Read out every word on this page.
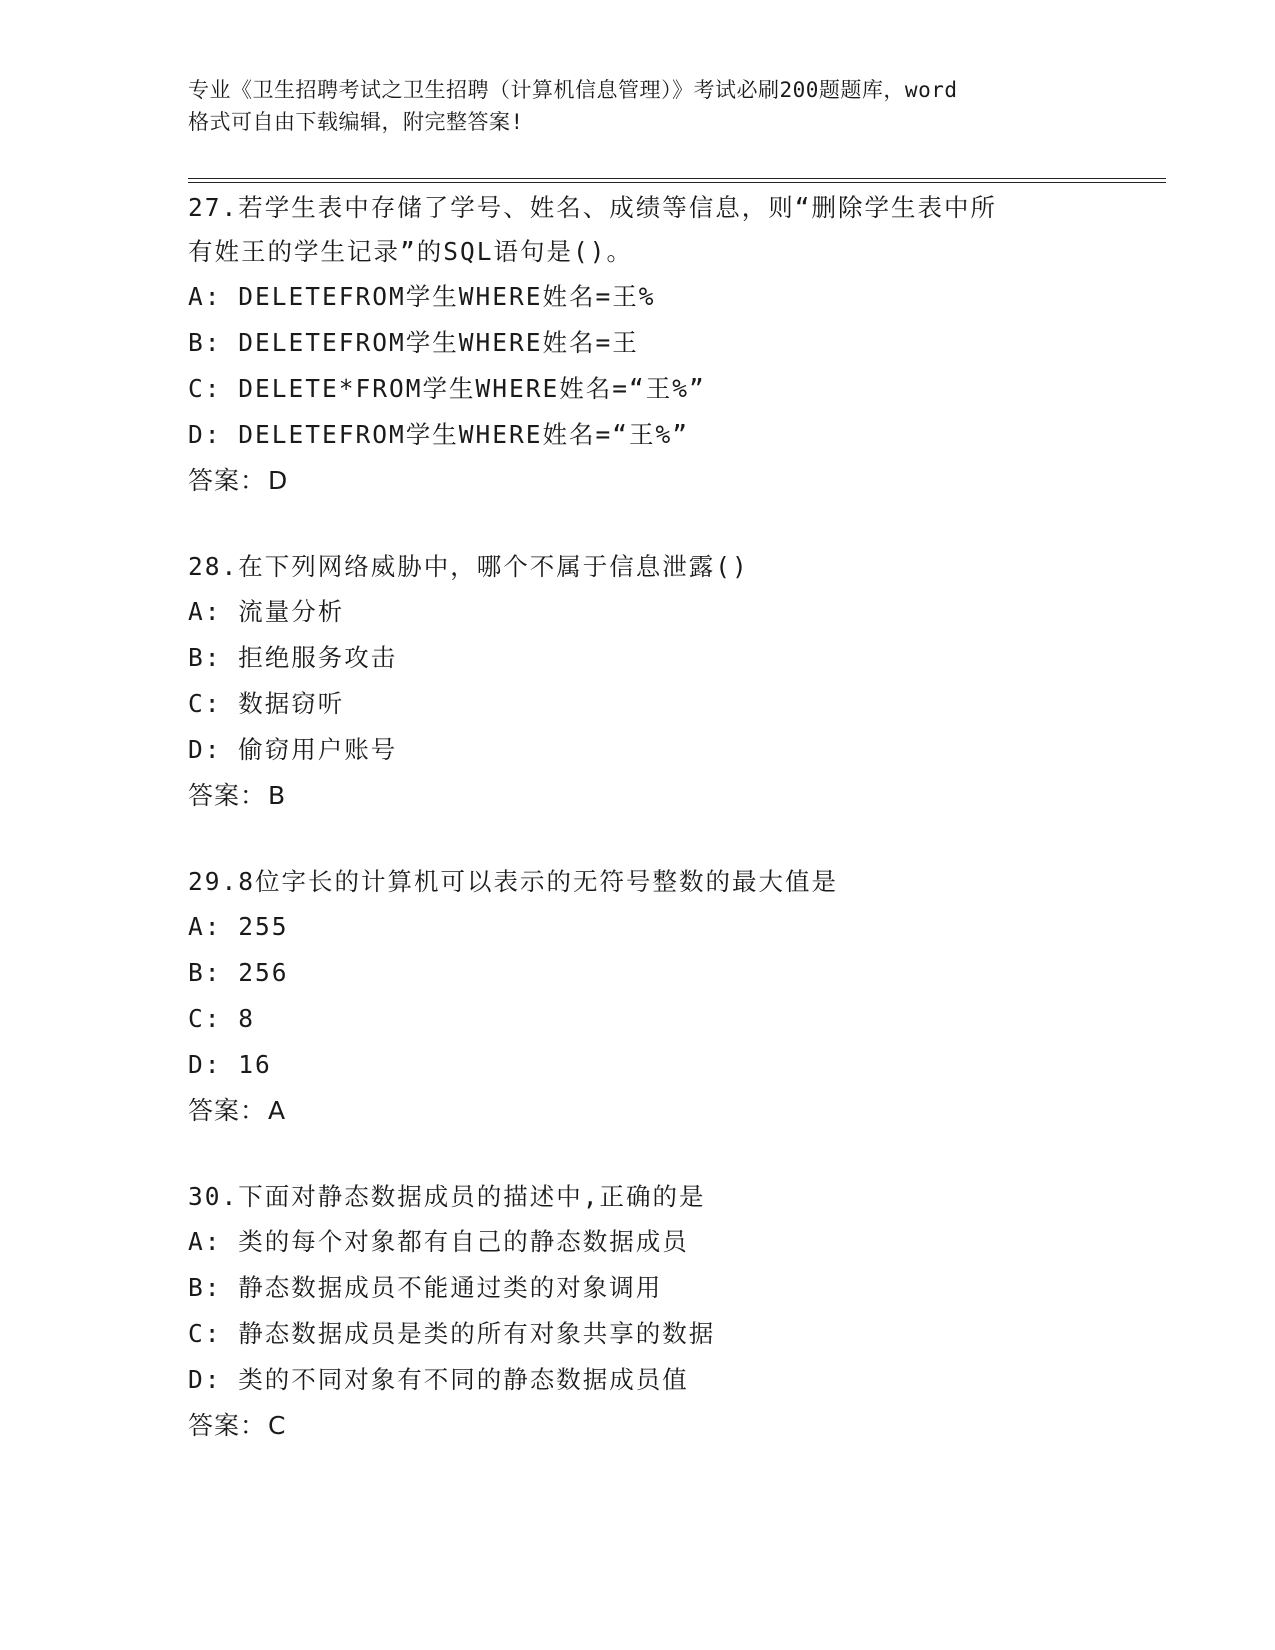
专业《卫生招聘考试之卫生招聘（计算机信息管理）》考试必刷200题题库，word
格式可自由下载编辑，附完整答案!

27.若学生表中存储了学号、姓名、成绩等信息，则“删除学生表中所

有姓王的学生记录”的SQL语句是()。

A: DELETEFROM学生WHERE姓名=王%

B: DELETEFROM学生WHERE姓名=王

C: DELETE*FROM学生WHERE姓名=“王%”

D: DELETEFROM学生WHERE姓名=“王%”

答案：D

28.在下列网络威胁中，哪个不属于信息泄露()

A: 流量分析

B: 拒绝服务攻击

C: 数据窃听

D: 偷窃用户账号

答案：B

29.8位字长的计算机可以表示的无符号整数的最大值是

A: 255

B: 256

C: 8

D: 16

答案：A

30.下面对静态数据成员的描述中,正确的是

A: 类的每个对象都有自己的静态数据成员

B: 静态数据成员不能通过类的对象调用

C: 静态数据成员是类的所有对象共享的数据

D: 类的不同对象有不同的静态数据成员值

答案：C
